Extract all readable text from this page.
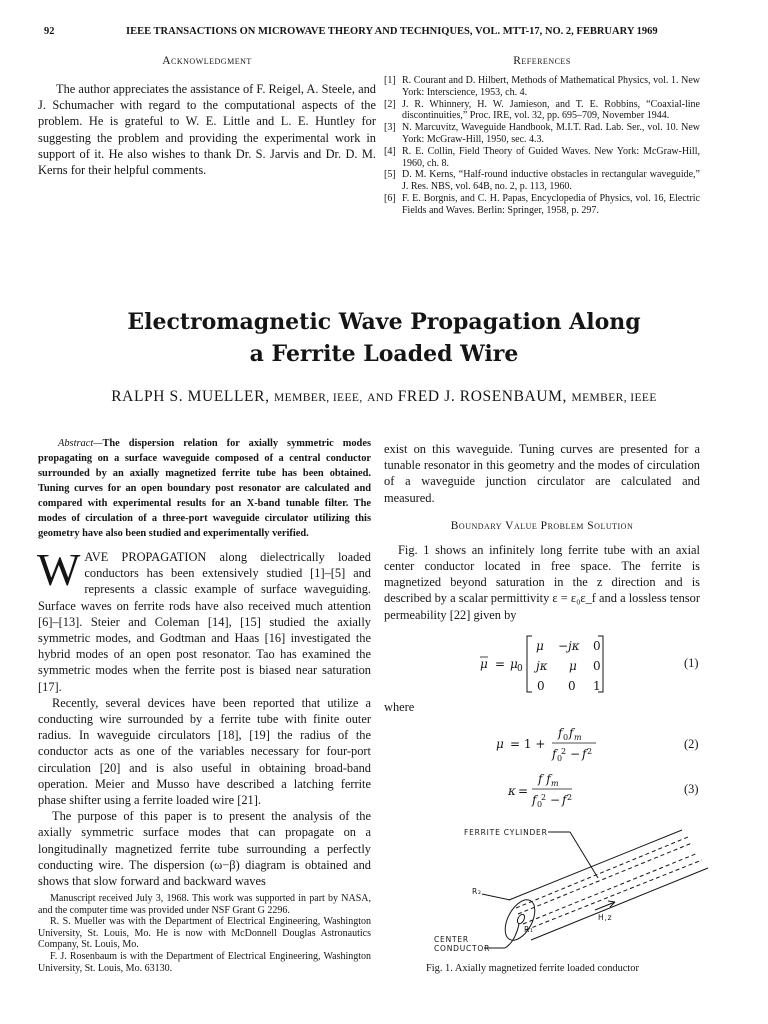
92	IEEE TRANSACTIONS ON MICROWAVE THEORY AND TECHNIQUES, VOL. MTT-17, NO. 2, FEBRUARY 1969
Acknowledgment

The author appreciates the assistance of F. Reigel, A. Steele, and J. Schumacher with regard to the computational aspects of the problem. He is grateful to W. E. Little and L. E. Huntley for suggesting the problem and providing the experimental work in support of it. He also wishes to thank Dr. S. Jarvis and Dr. D. M. Kerns for their helpful comments.

References
[1] R. Courant and D. Hilbert, Methods of Mathematical Physics, vol. 1. New York: Interscience, 1953, ch. 4.
[2] J. R. Whinnery, H. W. Jamieson, and T. E. Robbins, “Coaxial-line discontinuities,” Proc. IRE, vol. 32, pp. 695–709, November 1944.
[3] N. Marcuvitz, Waveguide Handbook, M.I.T. Rad. Lab. Ser., vol. 10. New York: McGraw-Hill, 1950, sec. 4.3.
[4] R. E. Collin, Field Theory of Guided Waves. New York: McGraw-Hill, 1960, ch. 8.
[5] D. M. Kerns, “Half-round inductive obstacles in rectangular waveguide,” J. Res. NBS, vol. 64B, no. 2, p. 113, 1960.
[6] F. E. Borgnis, and C. H. Papas, Encyclopedia of Physics, vol. 16, Electric Fields and Waves. Berlin: Springer, 1958, p. 297.
Electromagnetic Wave Propagation Along
a Ferrite Loaded Wire
RALPH S. MUELLER, MEMBER, IEEE, AND FRED J. ROSENBAUM, MEMBER, IEEE

Abstract—The dispersion relation for axially symmetric modes propagating on a surface waveguide composed of a central conductor surrounded by an axially magnetized ferrite tube has been obtained. Tuning curves for an open boundary post resonator are calculated and compared with experimental results for an X-band tunable filter. The modes of circulation of a three-port waveguide circulator utilizing this geometry have also been studied and experimentally verified.

WAVE PROPAGATION along dielectrically loaded conductors has been extensively studied [1]–[5] and represents a classic example of surface waveguiding. Surface waves on ferrite rods have also received much attention [6]–[13]. Steier and Coleman [14], [15] studied the axially symmetric modes, and Godtman and Haas [16] investigated the hybrid modes of an open post resonator. Tao has examined the symmetric modes when the ferrite post is biased near saturation [17].

Recently, several devices have been reported that utilize a conducting wire surrounded by a ferrite tube with finite outer radius. In waveguide circulators [18], [19] the radius of the conductor acts as one of the variables necessary for four-port circulation [20] and is also useful in obtaining broad-band operation. Meier and Musso have described a latching ferrite phase shifter using a ferrite loaded wire [21].

The purpose of this paper is to present the analysis of the axially symmetric surface modes that can propagate on a longitudinally magnetized ferrite tube surrounding a perfectly conducting wire. The dispersion (ω−β) diagram is obtained and shows that slow forward and backward waves

Manuscript received July 3, 1968. This work was supported in part by NASA, and the computer time was provided under NSF Grant G 2296.

R. S. Mueller was with the Department of Electrical Engineering, Washington University, St. Louis, Mo. He is now with McDonnell Douglas Astronautics Company, St. Louis, Mo.

F. J. Rosenbaum is with the Department of Electrical Engineering, Washington University, St. Louis, Mo. 63130.

exist on this waveguide. Tuning curves are presented for a tunable resonator in this geometry and the modes of circulation of a waveguide junction circulator are calculated and measured.

Boundary Value Problem Solution

Fig. 1 shows an infinitely long ferrite tube with an axial center conductor located in free space. The ferrite is magnetized beyond saturation in the z direction and is described by a scalar permittivity ε = ε₀ε_f and a lossless tensor permeability [22] given by

μ = μ 0
μ − jκ 0
jκ μ 0
0 0 1
(1)
where
μ = 1 +
f 0 f m
f 0
2 − f 2
(2)
κ =
f f m
f 0
2 − f 2
(3)
FERRITE CYLINDER
CENTER
CONDUCTOR
R₂
R₁
H,z
Fig. 1. Axially magnetized ferrite loaded conductor
